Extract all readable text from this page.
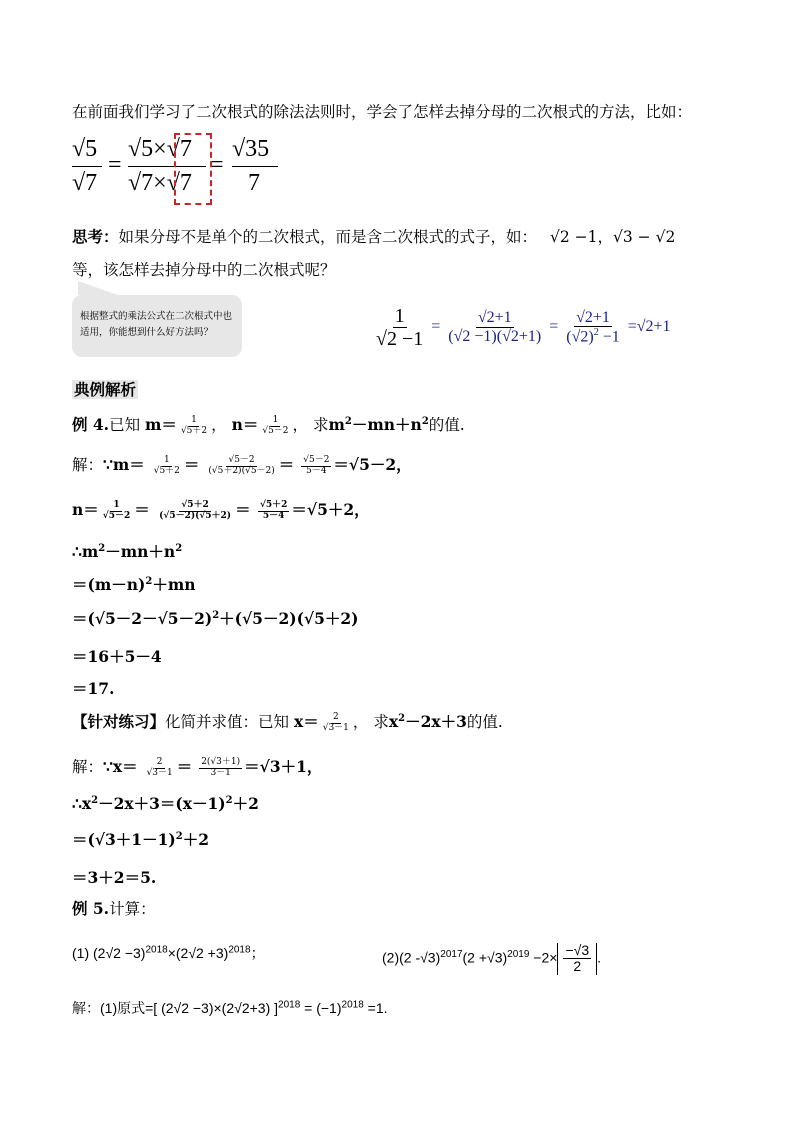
在前面我们学习了二次根式的除法法则时，学会了怎样去掉分母的二次根式的方法，比如：
√5
√7
=
√5×√7
√7×√7
=
√35
7
思考：如果分母不是单个的二次根式，而是含二次根式的式子，如： √2 −1，√3 − √2
等，该怎样去掉分母中的二次根式呢？
根据整式的乘法公式在二次根式中也适用，你能想到什么好方法吗？	$\frac{1}{√2 -1} = \frac{√2+1}{(√2 -1)(√2+1)} = \frac{√2+1}{(√2)^2 -1} =√2+1$
典例解析
例 4.已知 $m= \frac{1}{√5+2}$ ， $n= \frac{1}{√5-2}$ ， 求$m^2-mn+n^2$的值.
解：∵m＝ $\frac{1}{√5+2} = \frac{√5-2}{(√5+2)(√5-2)} = \frac{√5-2}{5-4} =√5-2$，
$n= \frac{1}{√5-2} = \frac{√5+2}{(√5-2)(√5+2)} = \frac{√5+2}{5-4} =√5+2$，
$\therefore m^2-mn+n^2$
$=(m-n)^2+mn$
$=(√5-2-√5-2)^2+(√5-2)(√5+2)$
＝16＋5－4
＝17.
【针对练习】化简并求值：已知 $x= \frac{2}{√3-1}$ ， 求$x^2-2x+3$的值.
解：∵x＝ $\frac{2}{√3-1} = \frac{2(√3+1)}{3-1} =√3+1$，
$\therefore x^2-2x+3=(x-1)^2+2$
$=(√3+1-1)^2+2$
＝3＋2＝5.
例 5.计算：
(1) $(2√2 -3)^{2018}\times(2√2 +3)^{2018}$；	(2)(2 $-√3)^{2017}(2 +√3)^{2019} -2\times \frac{-√3}{2}$ .
解：(1)原式=[ (2√2 −3)×(2√2+3) ]$^{2018} = (-1)^{2018} =1$.
